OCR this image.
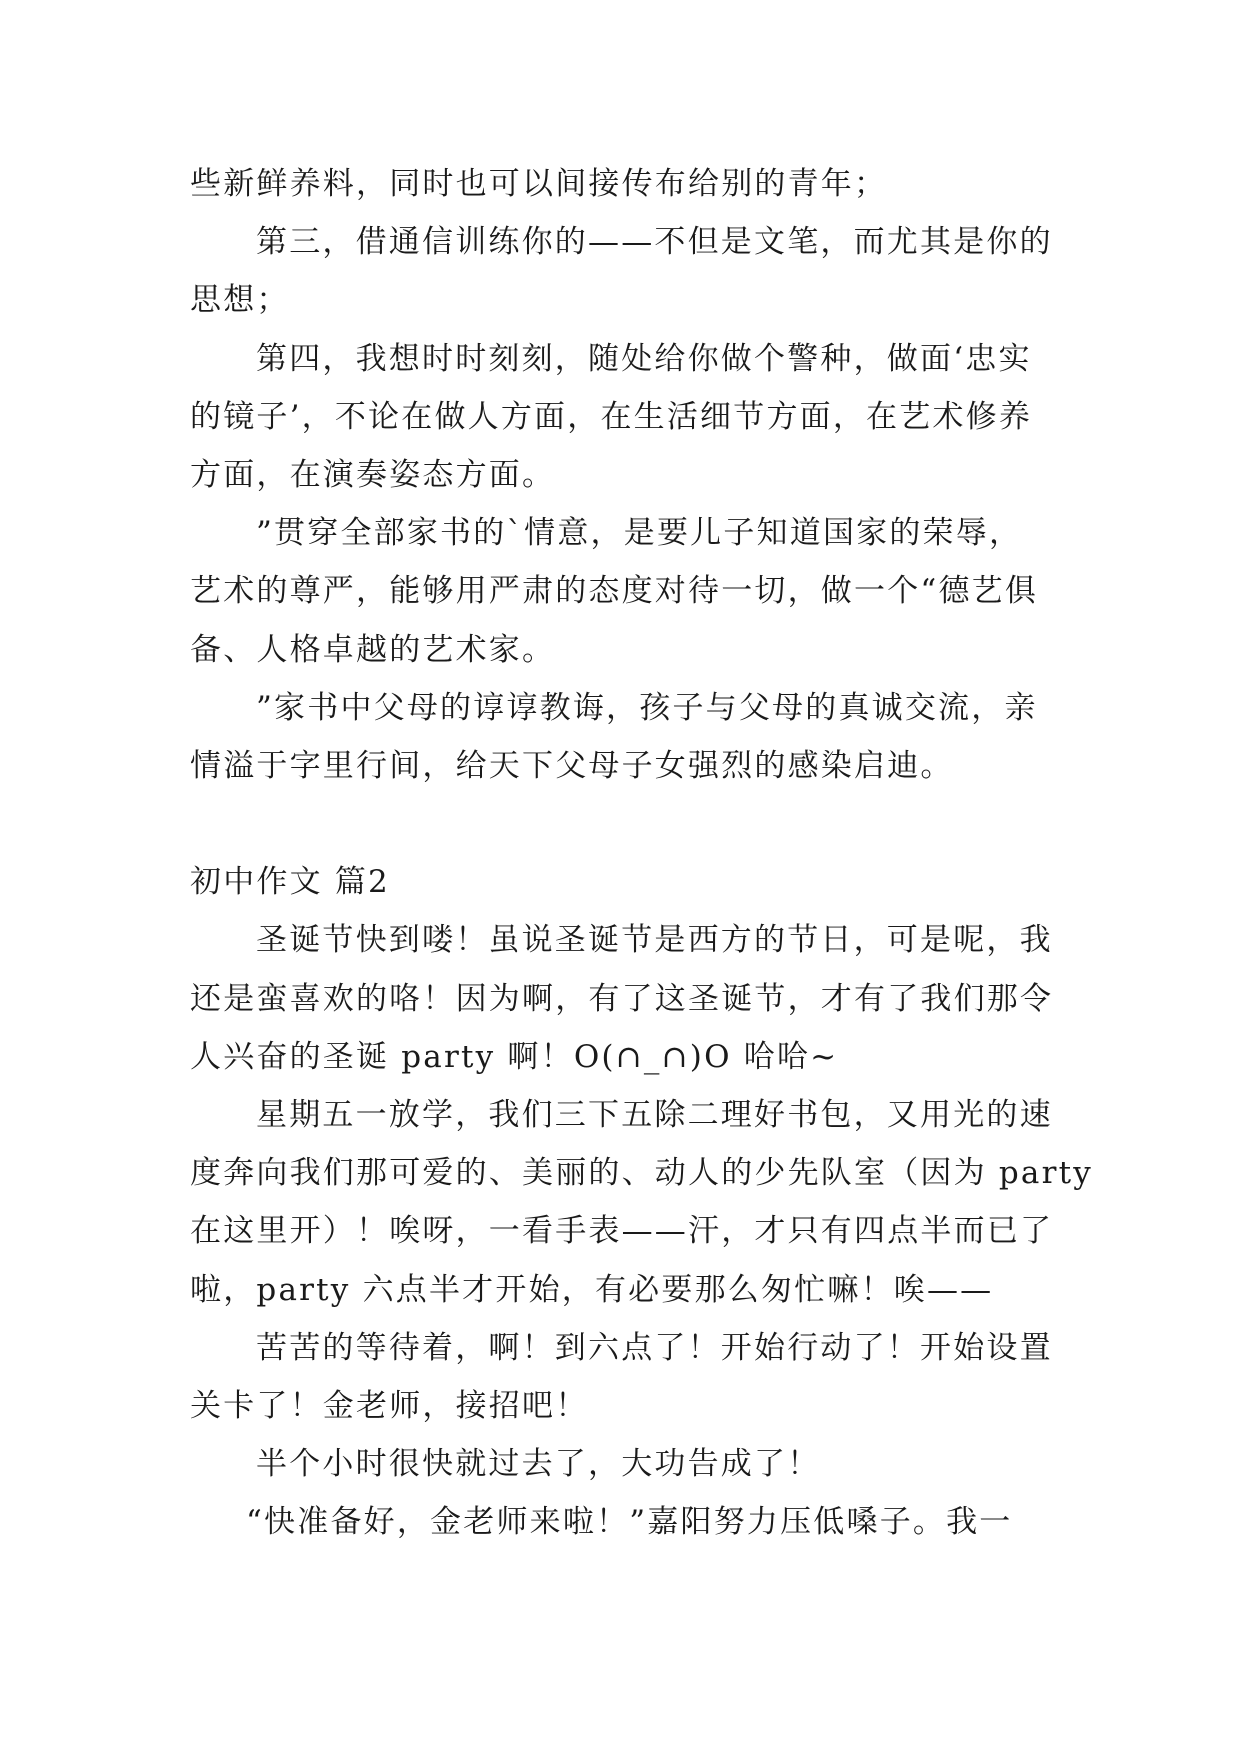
些新鲜养料，同时也可以间接传布给别的青年；
第三，借通信训练你的——不但是文笔，而尤其是你的
思想；
第四，我想时时刻刻，随处给你做个警种，做面‘忠实
的镜子’，不论在做人方面，在生活细节方面，在艺术修养
方面，在演奏姿态方面。
”贯穿全部家书的`情意，是要儿子知道国家的荣辱，
艺术的尊严，能够用严肃的态度对待一切，做一个“德艺俱
备、人格卓越的艺术家。
”家书中父母的谆谆教诲，孩子与父母的真诚交流，亲
情溢于字里行间，给天下父母子女强烈的感染启迪。
初中作文 篇2
圣诞节快到喽！虽说圣诞节是西方的节日，可是呢，我
还是蛮喜欢的咯！因为啊，有了这圣诞节，才有了我们那令
人兴奋的圣诞 party 啊！O(∩_∩)O 哈哈~
星期五一放学，我们三下五除二理好书包，又用光的速
度奔向我们那可爱的、美丽的、动人的少先队室（因为 party
在这里开）！唉呀，一看手表——汗，才只有四点半而已了
啦，party 六点半才开始，有必要那么匆忙嘛！唉——
苦苦的等待着，啊！到六点了！开始行动了！开始设置
关卡了！金老师，接招吧！
半个小时很快就过去了，大功告成了！
“快准备好，金老师来啦！”嘉阳努力压低嗓子。我一
